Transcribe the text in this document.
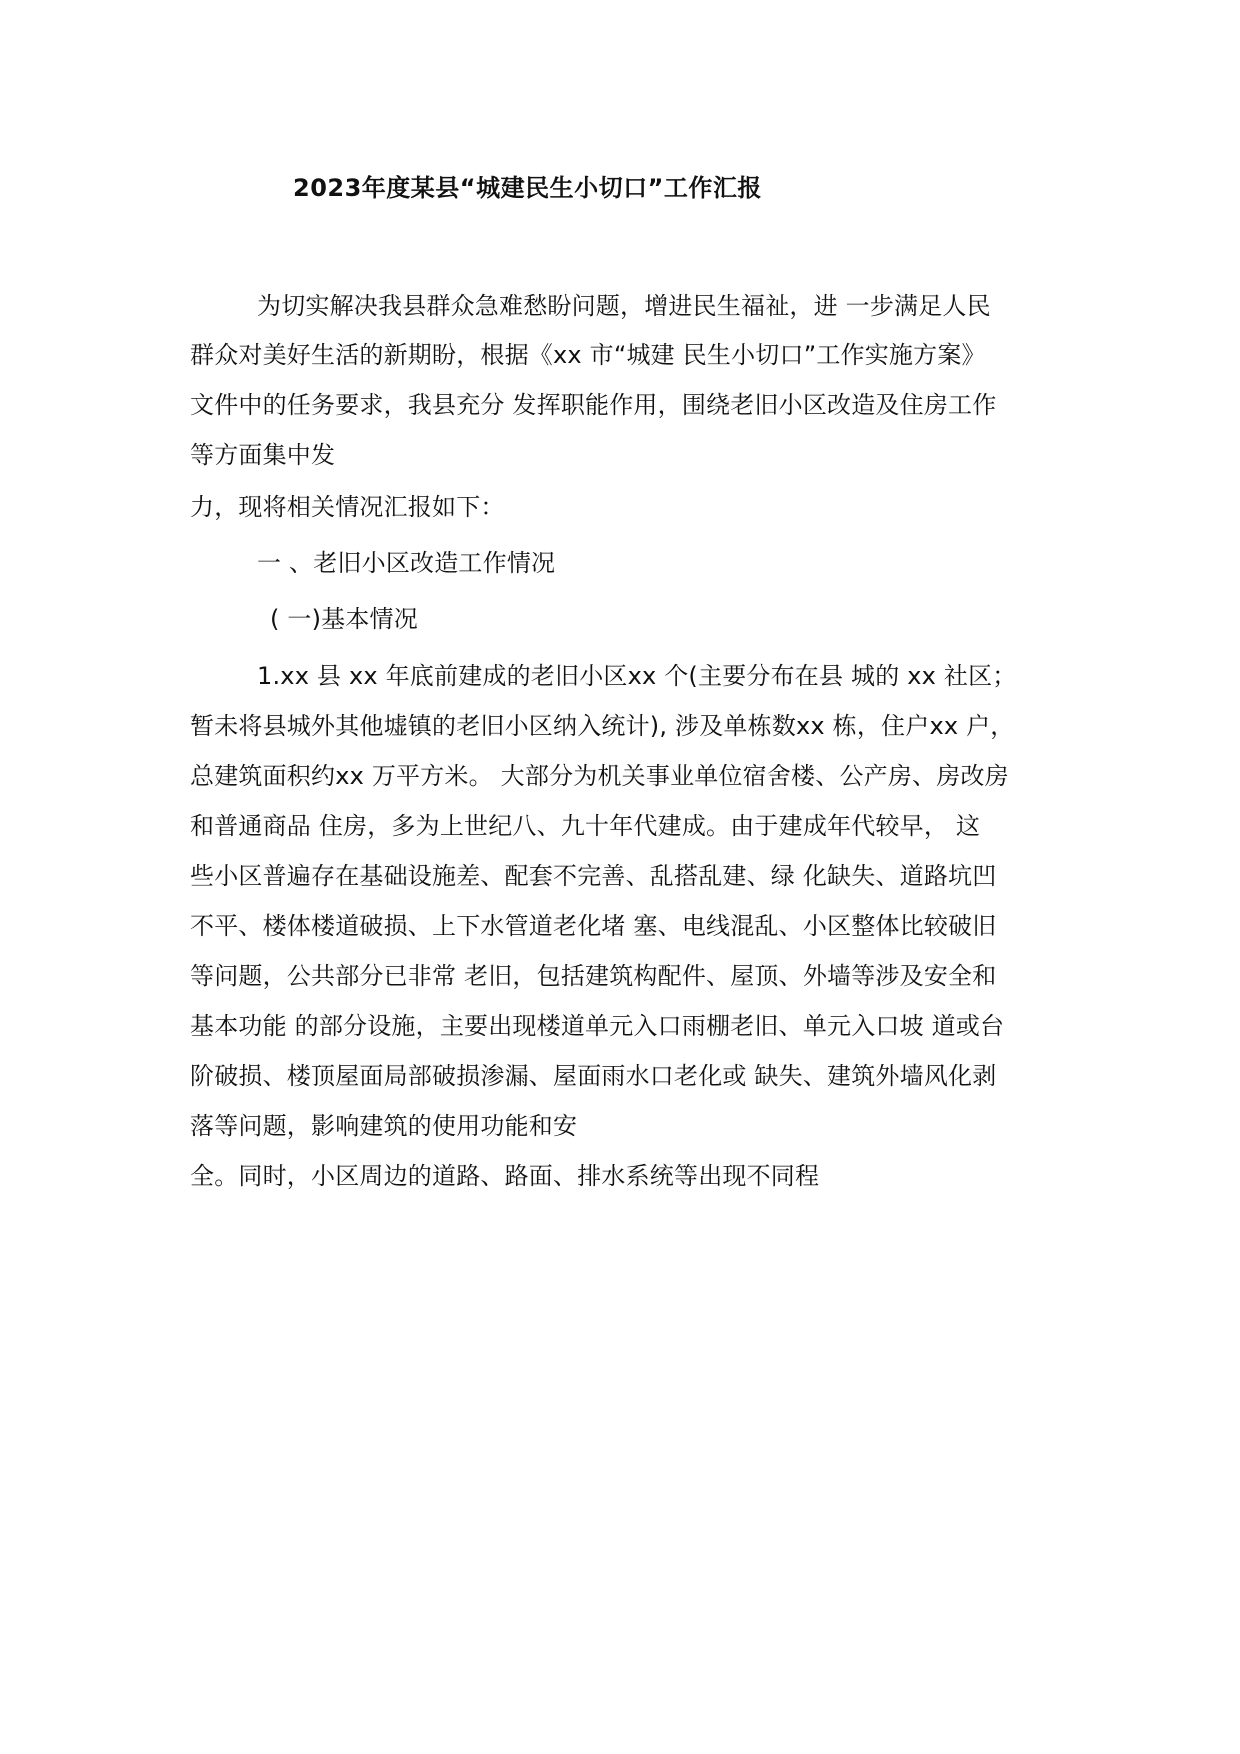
2023年度某县“城建民生小切口”工作汇报

为切实解决我县群众急难愁盼问题，增进民生福祉，进 一步满足人民

群众对美好生活的新期盼，根据《xx 市“城建 民生小切口”工作实施方案》

文件中的任务要求，我县充分 发挥职能作用，围绕老旧小区改造及住房工作

等方面集中发

力，现将相关情况汇报如下：

一 、老旧小区改造工作情况

( 一)基本情况

1.xx 县 xx 年底前建成的老旧小区xx 个(主要分布在县 城的 xx 社区；

暂未将县城外其他墟镇的老旧小区纳入统计), 涉及单栋数xx 栋，住户xx 户，

总建筑面积约xx 万平方米。 大部分为机关事业单位宿舍楼、公产房、房改房

和普通商品 住房，多为上世纪八、九十年代建成。由于建成年代较早， 这

些小区普遍存在基础设施差、配套不完善、乱搭乱建、绿 化缺失、道路坑凹

不平、楼体楼道破损、上下水管道老化堵 塞、电线混乱、小区整体比较破旧

等问题，公共部分已非常 老旧，包括建筑构配件、屋顶、外墙等涉及安全和

基本功能 的部分设施，主要出现楼道单元入口雨棚老旧、单元入口坡 道或台

阶破损、楼顶屋面局部破损渗漏、屋面雨水口老化或 缺失、建筑外墙风化剥

落等问题，影响建筑的使用功能和安

全。同时，小区周边的道路、路面、排水系统等出现不同程
